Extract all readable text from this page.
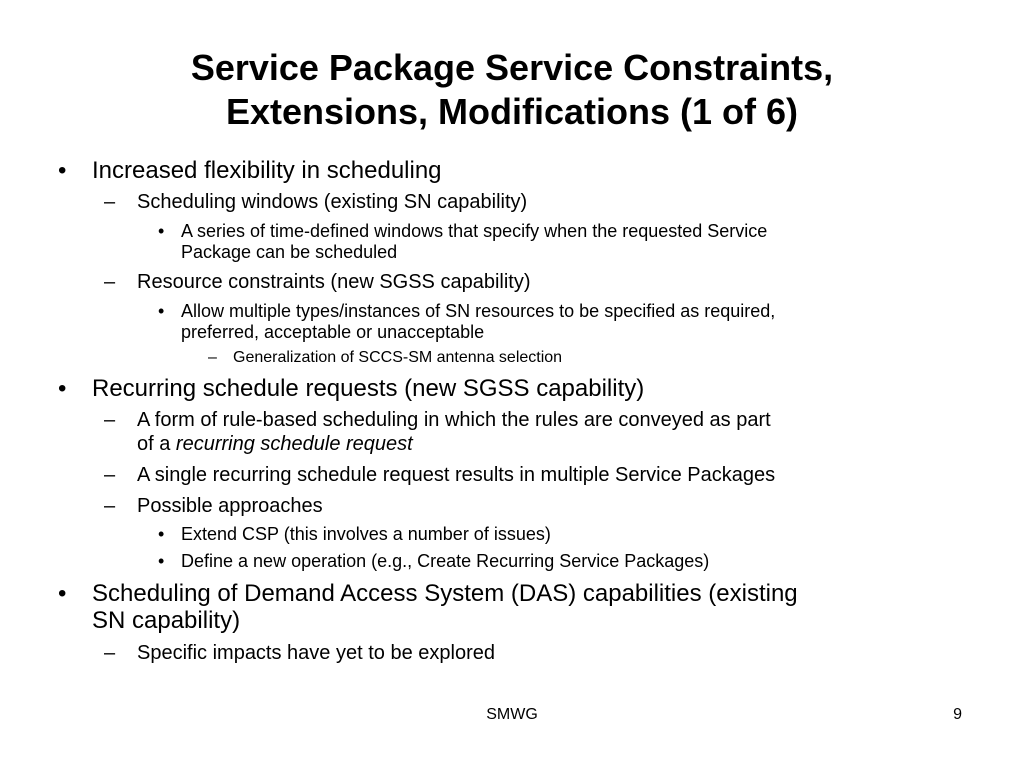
Service Package Service Constraints,
Extensions, Modifications (1 of 6)
• Increased flexibility in scheduling
– Scheduling windows (existing SN capability)
• A series of time-defined windows that specify when the requested Service
Package can be scheduled
– Resource constraints (new SGSS capability)
• Allow multiple types/instances of SN resources to be specified as required,
preferred, acceptable or unacceptable
– Generalization of SCCS-SM antenna selection
• Recurring schedule requests (new SGSS capability)
– A form of rule-based scheduling in which the rules are conveyed as part
of a recurring schedule request
– A single recurring schedule request results in multiple Service Packages
– Possible approaches
• Extend CSP (this involves a number of issues)
• Define a new operation (e.g., Create Recurring Service Packages)
• Scheduling of Demand Access System (DAS) capabilities (existing
SN capability)
– Specific impacts have yet to be explored
SMWG	9
